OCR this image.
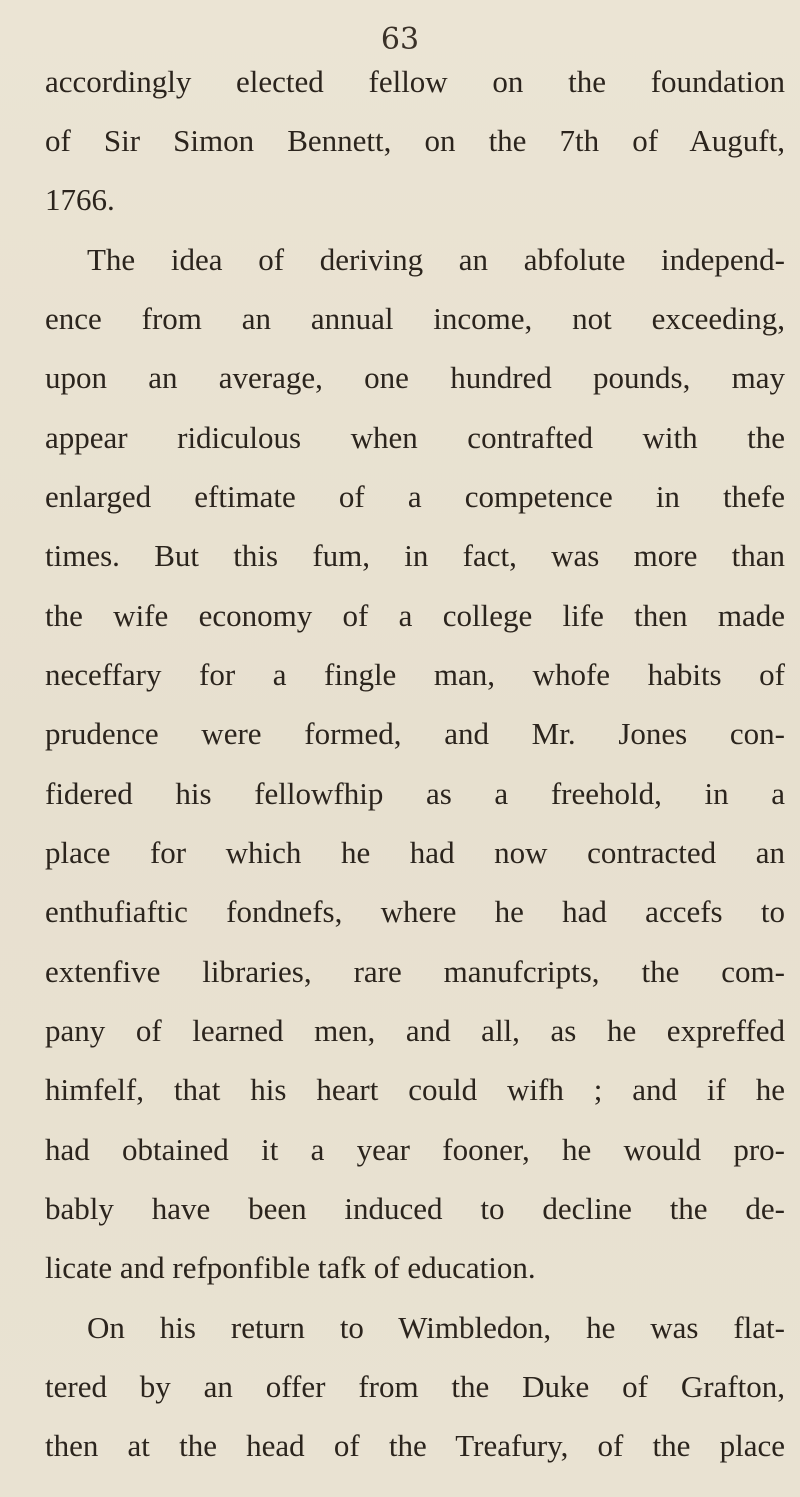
63
accordingly elected fellow on the foundation
of Sir Simon Bennett, on the 7th of Auguft,
1766.
The idea of deriving an abfolute independ-
ence from an annual income, not exceeding,
upon an average, one hundred pounds, may
appear ridiculous when contrafted with the
enlarged eftimate of a competence in thefe
times. But this fum, in fact, was more than
the wife economy of a college life then made
neceffary for a fingle man, whofe habits of
prudence were formed, and Mr. Jones con-
fidered his fellowfhip as a freehold, in a
place for which he had now contracted an
enthufiaftic fondnefs, where he had accefs to
extenfive libraries, rare manufcripts, the com-
pany of learned men, and all, as he expreffed
himfelf, that his heart could wifh ; and if he
had obtained it a year fooner, he would pro-
bably have been induced to decline the de-
licate and refponfible tafk of education.
On his return to Wimbledon, he was flat-
tered by an offer from the Duke of Grafton,
then at the head of the Treafury, of the place
